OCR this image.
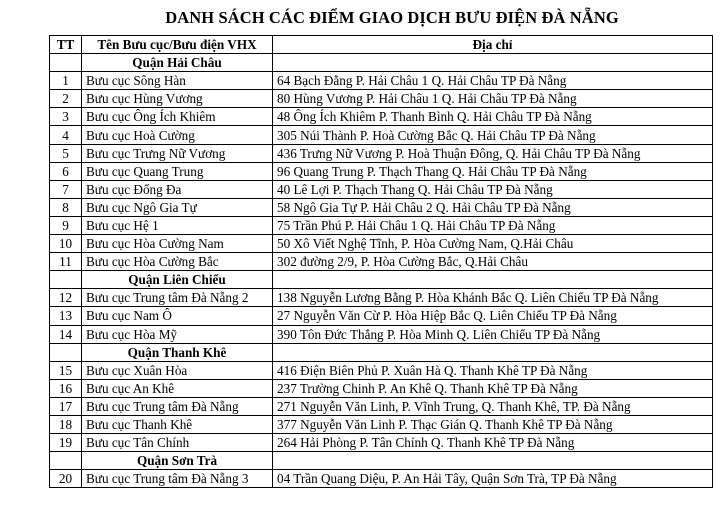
DANH SÁCH CÁC ĐIỂM GIAO DỊCH BƯU ĐIỆN ĐÀ NẴNG
TT	Tên Bưu cục/Bưu điện VHX	Địa chỉ
	Quận Hải Châu	
1	Bưu cục Sông Hàn	64 Bạch Đằng P. Hải Châu 1 Q. Hải Châu TP Đà Nẵng
2	Bưu cục Hùng Vương	80 Hùng Vương P. Hải Châu 1 Q. Hải Châu TP Đà Nẵng
3	Bưu cục Ông Ích Khiêm	48 Ông Ích Khiêm P. Thanh Bình Q. Hải Châu TP Đà Nẵng
4	Bưu cục Hoà Cường	305 Núi Thành P. Hoà Cường Bắc Q. Hải Châu TP Đà Nẵng
5	Bưu cục Trưng Nữ Vương	436 Trưng Nữ Vương P. Hoà Thuận Đông, Q. Hải Châu TP Đà Nẵng
6	Bưu cục Quang Trung	96 Quang Trung P. Thạch Thang Q. Hải Châu TP Đà Nẵng
7	Bưu cục Đống Đa	40 Lê Lợi P. Thạch Thang Q. Hải Châu TP Đà Nẵng
8	Bưu cục Ngô Gia Tự	58 Ngô Gia Tự P. Hải Châu 2 Q. Hải Châu TP Đà Nẵng
9	Bưu cục Hệ 1	75 Trần Phú P. Hải Châu 1 Q. Hải Châu TP Đà Nẵng
10	Bưu cục Hòa Cường Nam	50 Xô Viết Nghệ Tĩnh, P. Hòa Cường Nam, Q.Hải Châu
11	Bưu cục Hòa Cường Bắc	302 đường 2/9, P. Hòa Cường Bắc, Q.Hải Châu
	Quận Liên Chiểu	
12	Bưu cục Trung tâm Đà Nẵng 2	138 Nguyễn Lương Bằng P. Hòa Khánh Bắc Q. Liên Chiểu TP Đà Nẵng
13	Bưu cục Nam Ô	27 Nguyễn Văn Cừ P. Hòa Hiệp Bắc Q. Liên Chiểu TP Đà Nẵng
14	Bưu cục Hòa Mỹ	390 Tôn Đức Thắng P. Hòa Minh Q. Liên Chiểu TP Đà Nẵng
	Quận Thanh Khê	
15	Bưu cục Xuân Hòa	416 Điện Biên Phủ P. Xuân Hà Q. Thanh Khê TP Đà Nẵng
16	Bưu cục An Khê	237 Trường Chinh P. An Khê Q. Thanh Khê TP Đà Nẵng
17	Bưu cục Trung tâm Đà Nẵng	271 Nguyễn Văn Linh, P. Vĩnh Trung, Q. Thanh Khê, TP. Đà Nẵng
18	Bưu cục Thanh Khê	377 Nguyễn Văn Linh P. Thạc Gián Q. Thanh Khê TP Đà Nẵng
19	Bưu cục Tân Chính	264 Hải Phòng P. Tân Chính Q. Thanh Khê TP Đà Nẵng
	Quận Sơn Trà	
20	Bưu cục Trung tâm Đà Nẵng 3	04 Trần Quang Diệu, P. An Hải Tây, Quận Sơn Trà, TP Đà Nẵng
